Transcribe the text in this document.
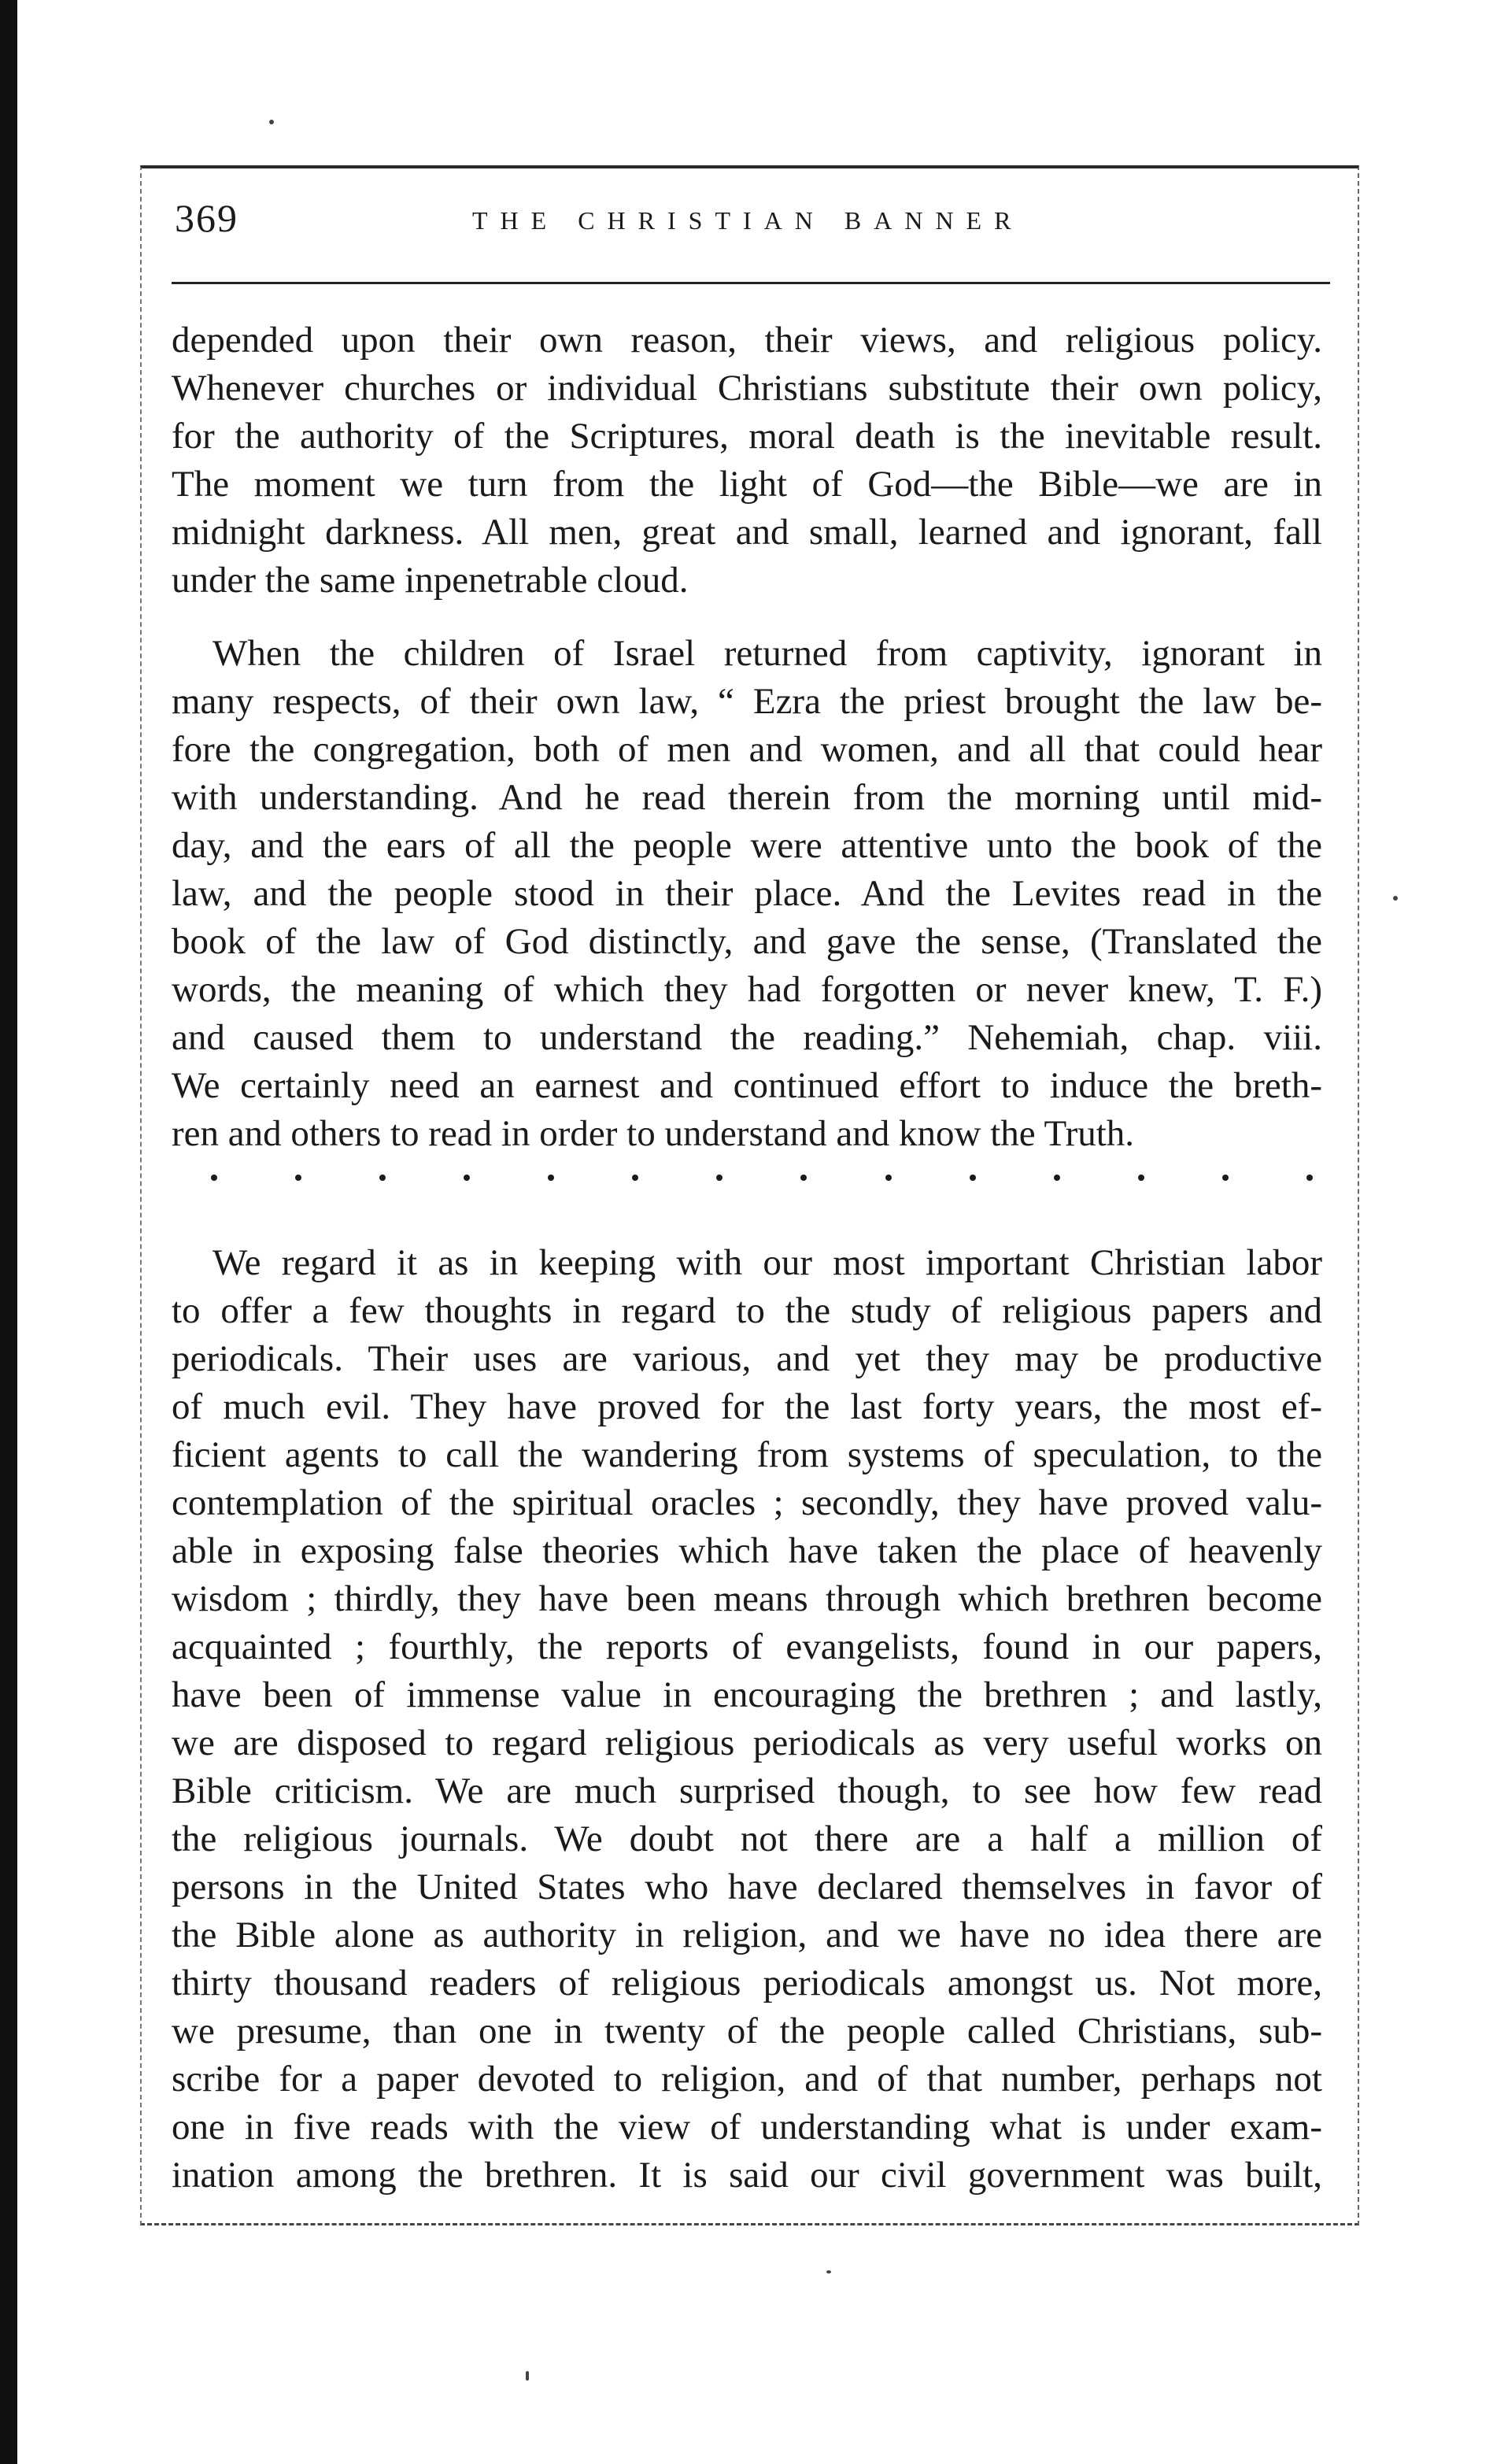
369	THE CHRISTIAN BANNER
depended upon their own reason, their views, and religious policy.
Whenever churches or individual Christians substitute their own policy,
for the authority of the Scriptures, moral death is the inevitable result.
The moment we turn from the light of God—the Bible—we are in
midnight darkness. All men, great and small, learned and ignorant, fall
under the same inpenetrable cloud.
When the children of Israel returned from captivity, ignorant in
many respects, of their own law, “ Ezra the priest brought the law be-
fore the congregation, both of men and women, and all that could hear
with understanding. And he read therein from the morning until mid-
day, and the ears of all the people were attentive unto the book of the
law, and the people stood in their place. And the Levites read in the
book of the law of God distinctly, and gave the sense, (Translated the
words, the meaning of which they had forgotten or never knew, T. F.)
and caused them to understand the reading.” Nehemiah, chap. viii.
We certainly need an earnest and continued effort to induce the breth-
ren and others to read in order to understand and know the Truth.
We regard it as in keeping with our most important Christian labor
to offer a few thoughts in regard to the study of religious papers and
periodicals. Their uses are various, and yet they may be productive
of much evil. They have proved for the last forty years, the most ef-
ficient agents to call the wandering from systems of speculation, to the
contemplation of the spiritual oracles ; secondly, they have proved valu-
able in exposing false theories which have taken the place of heavenly
wisdom ; thirdly, they have been means through which brethren become
acquainted ; fourthly, the reports of evangelists, found in our papers,
have been of immense value in encouraging the brethren ; and lastly,
we are disposed to regard religious periodicals as very useful works on
Bible criticism. We are much surprised though, to see how few read
the religious journals. We doubt not there are a half a million of
persons in the United States who have declared themselves in favor of
the Bible alone as authority in religion, and we have no idea there are
thirty thousand readers of religious periodicals amongst us. Not more,
we presume, than one in twenty of the people called Christians, sub-
scribe for a paper devoted to religion, and of that number, perhaps not
one in five reads with the view of understanding what is under exam-
ination among the brethren. It is said our civil government was built,
